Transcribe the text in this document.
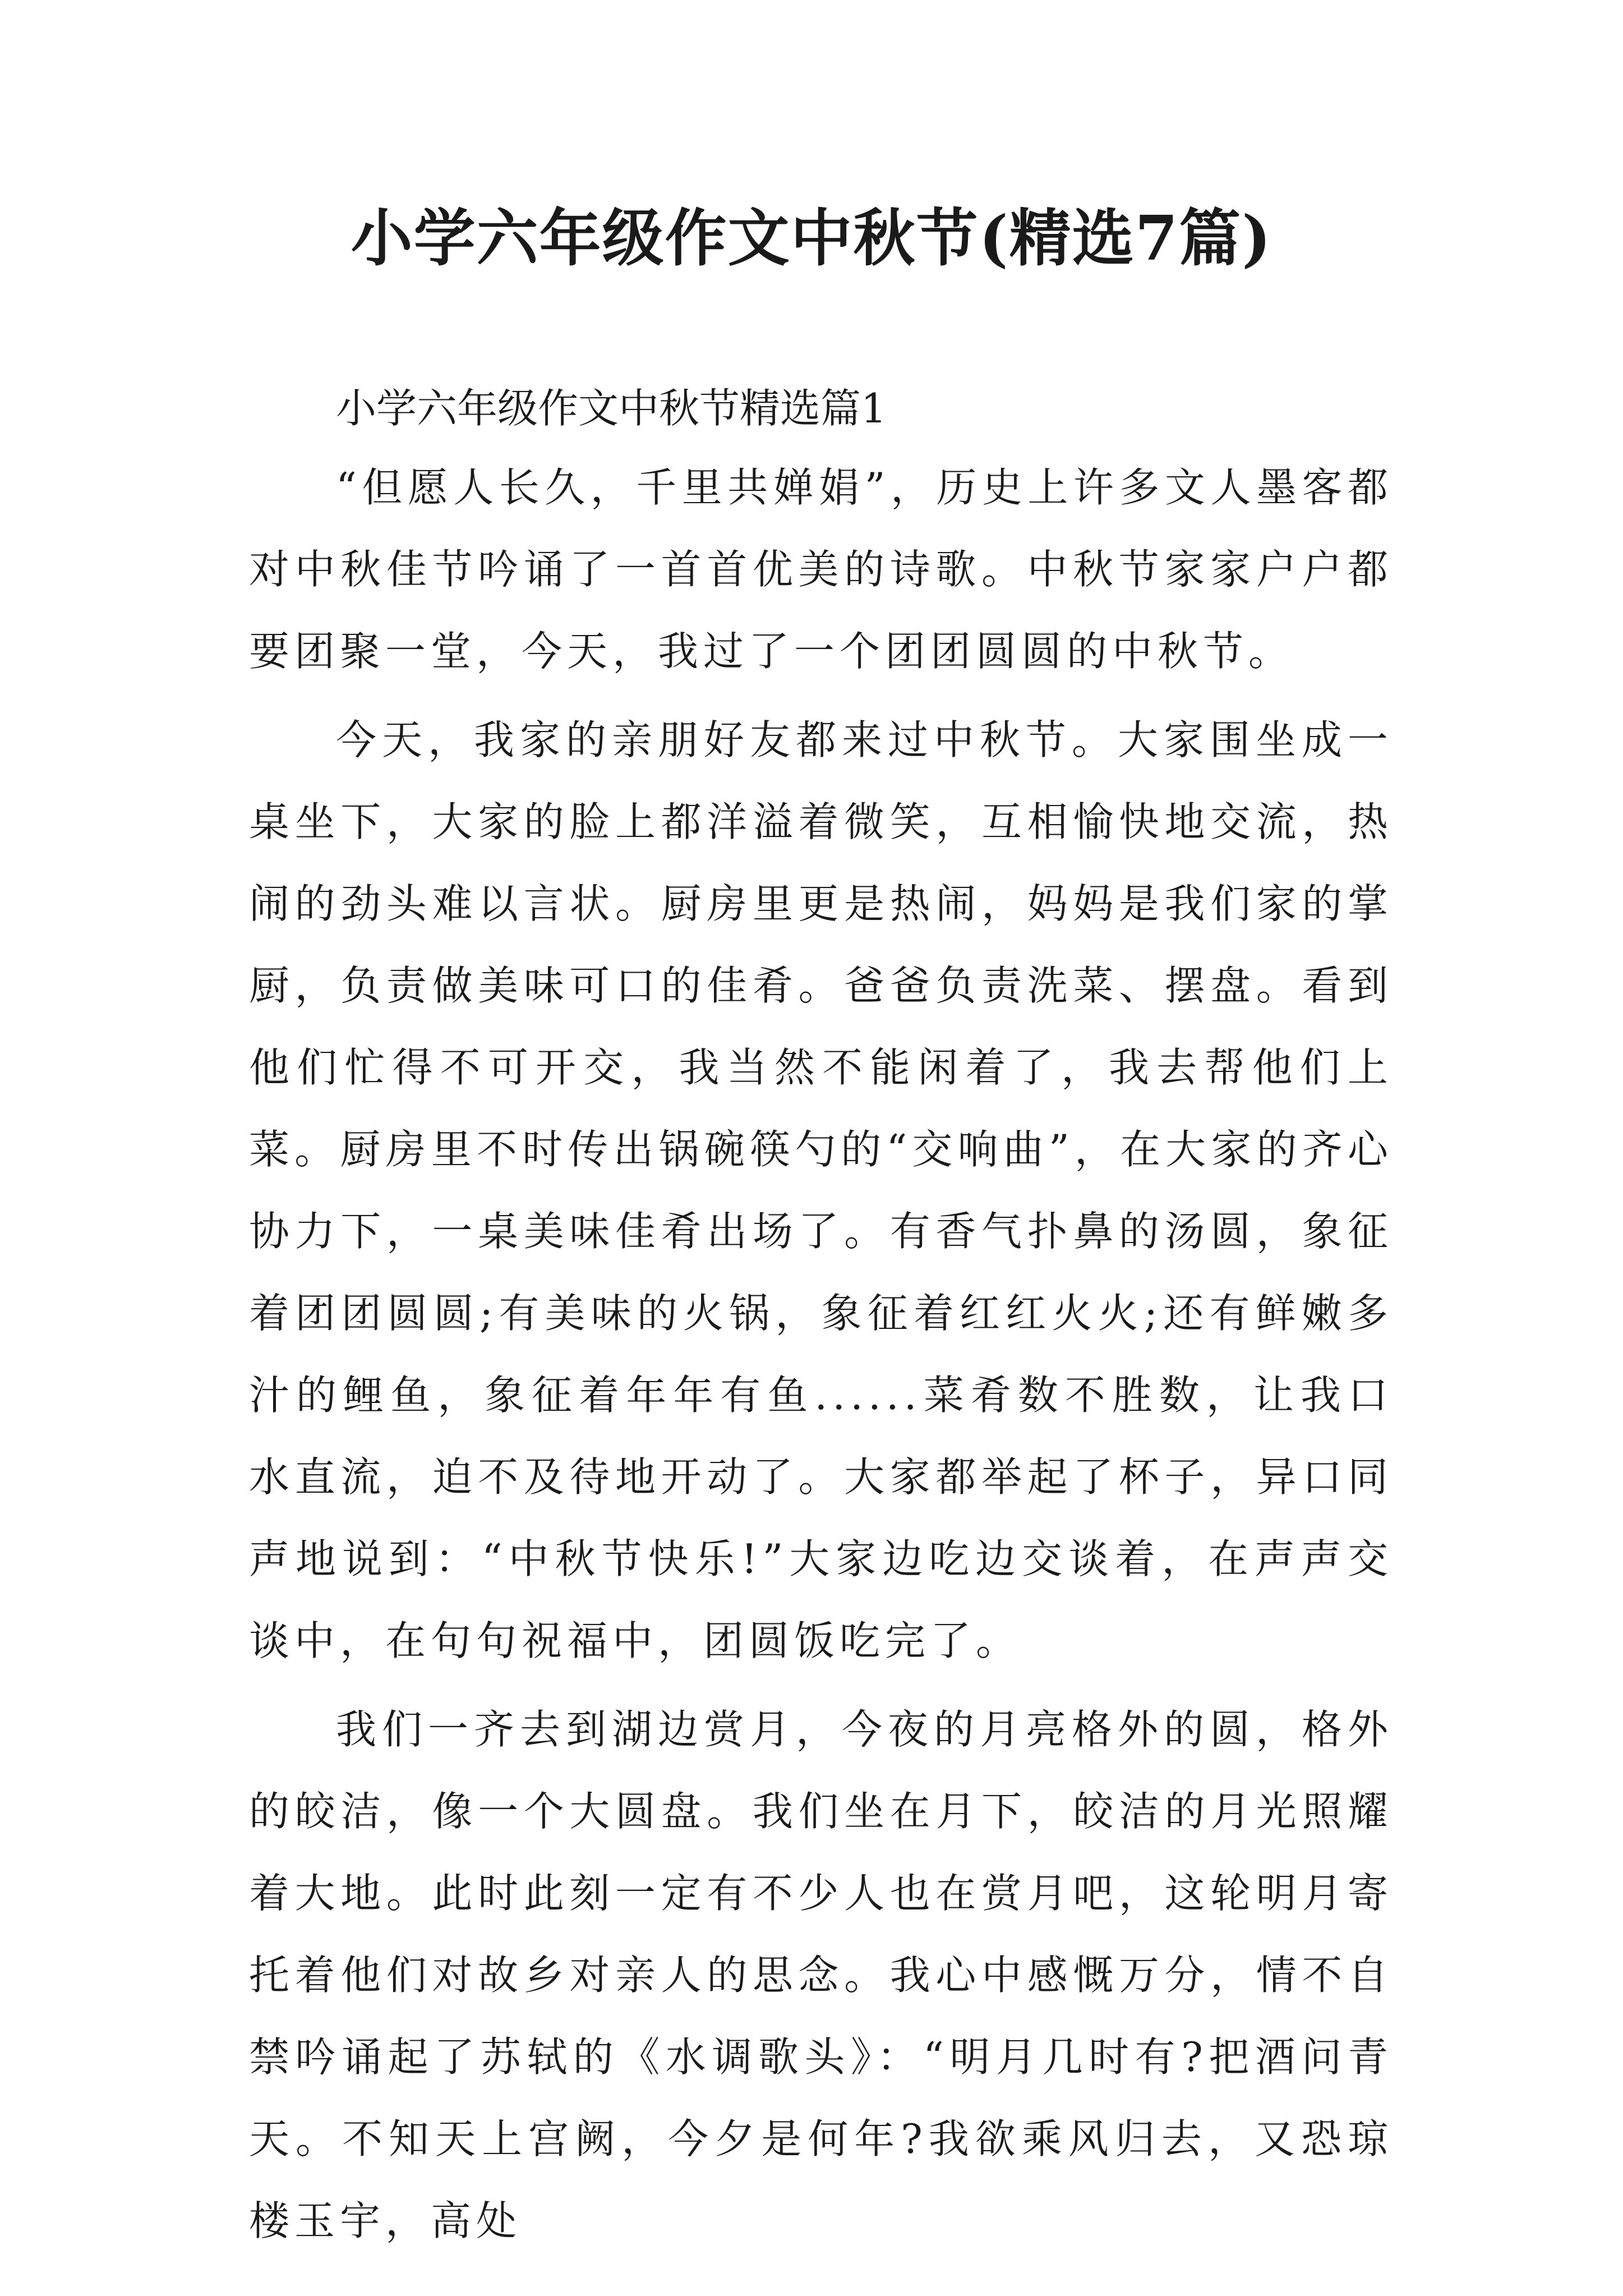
小学六年级作文中秋节(精选7篇)
小学六年级作文中秋节精选篇1

“但愿人长久，千里共婵娟”，历史上许多文人墨客都对中秋佳节吟诵了一首首优美的诗歌。中秋节家家户户都要团聚一堂，今天，我过了一个团团圆圆的中秋节。

今天，我家的亲朋好友都来过中秋节。大家围坐成一桌坐下，大家的脸上都洋溢着微笑，互相愉快地交流，热闹的劲头难以言状。厨房里更是热闹，妈妈是我们家的掌厨，负责做美味可口的佳肴。爸爸负责洗菜、摆盘。看到他们忙得不可开交，我当然不能闲着了，我去帮他们上菜。厨房里不时传出锅碗筷勺的“交响曲”，在大家的齐心协力下，一桌美味佳肴出场了。有香气扑鼻的汤圆，象征着团团圆圆;有美味的火锅，象征着红红火火;还有鲜嫩多汁的鲤鱼，象征着年年有鱼......菜肴数不胜数，让我口水直流，迫不及待地开动了。大家都举起了杯子，异口同声地说到：“中秋节快乐!”大家边吃边交谈着，在声声交谈中，在句句祝福中，团圆饭吃完了。

我们一齐去到湖边赏月，今夜的月亮格外的圆，格外的皎洁，像一个大圆盘。我们坐在月下，皎洁的月光照耀着大地。此时此刻一定有不少人也在赏月吧，这轮明月寄托着他们对故乡对亲人的思念。我心中感慨万分，情不自禁吟诵起了苏轼的《水调歌头》：“明月几时有?把酒问青天。不知天上宫阙，今夕是何年?我欲乘风归去，又恐琼楼玉宇，高处
